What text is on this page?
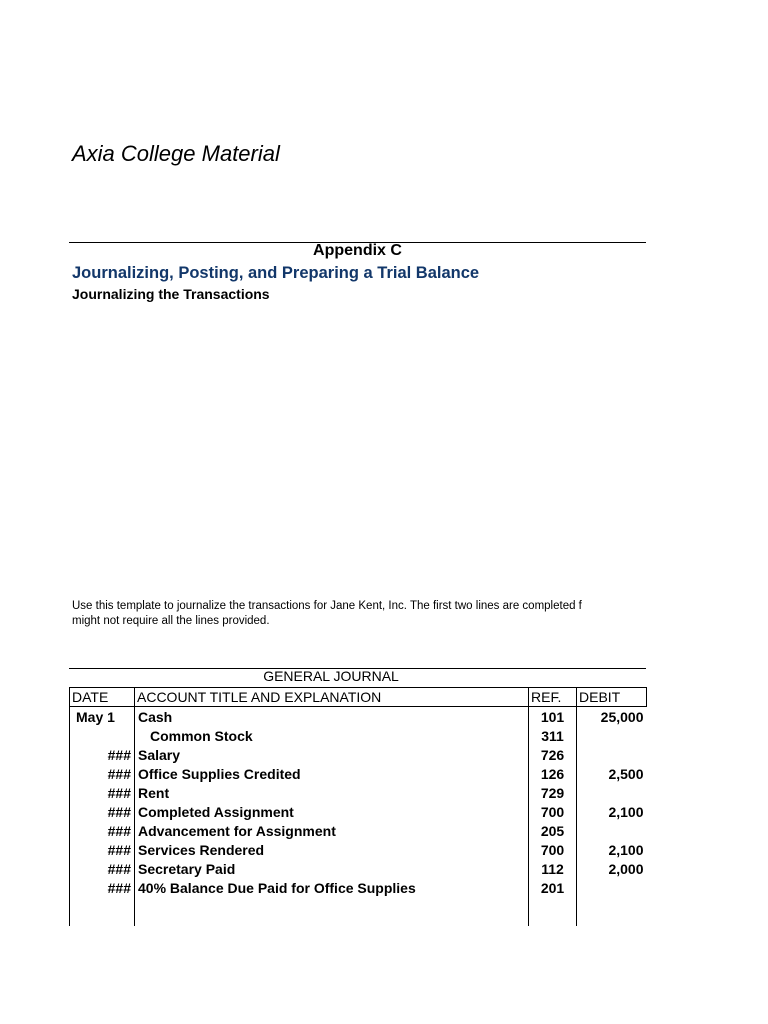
Axia College Material
Appendix C
Journalizing, Posting, and Preparing a Trial Balance
Journalizing the Transactions
Use this template to journalize the transactions for Jane Kent, Inc. The first two lines are completed f
might not require all the lines provided.
GENERAL JOURNAL
DATE	ACCOUNT TITLE AND EXPLANATION	REF.	DEBIT
May 1	Cash	101	25,000
	Common Stock	311	
###	Salary	726	
###	Office Supplies Credited	126	2,500
###	Rent	729	
###	Completed Assignment	700	2,100
###	Advancement for Assignment	205	
###	Services Rendered	700	2,100
###	Secretary Paid	112	2,000
###	40% Balance Due Paid for Office Supplies	201	
